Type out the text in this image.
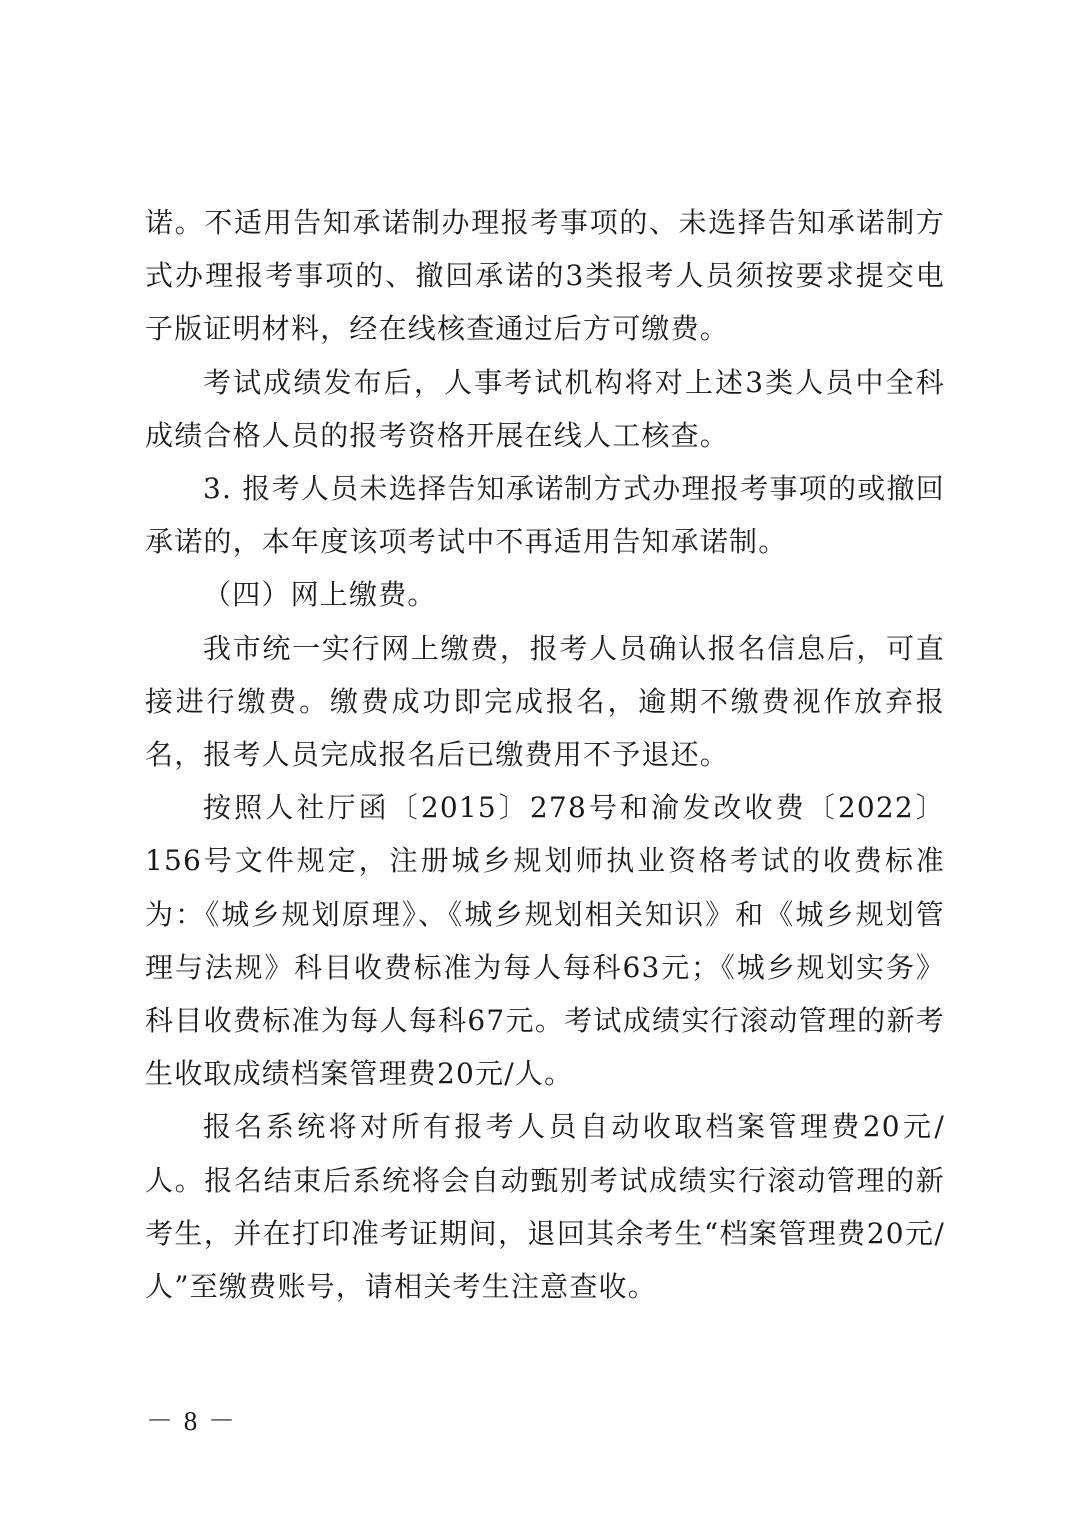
诺。不适用告知承诺制办理报考事项的、未选择告知承诺制方式办理报考事项的、撤回承诺的3类报考人员须按要求提交电子版证明材料，经在线核查通过后方可缴费。

考试成绩发布后，人事考试机构将对上述3类人员中全科成绩合格人员的报考资格开展在线人工核查。

3. 报考人员未选择告知承诺制方式办理报考事项的或撤回承诺的，本年度该项考试中不再适用告知承诺制。

（四）网上缴费。

我市统一实行网上缴费，报考人员确认报名信息后，可直接进行缴费。缴费成功即完成报名，逾期不缴费视作放弃报名，报考人员完成报名后已缴费用不予退还。

按照人社厅函〔2015〕278号和渝发改收费〔2022〕156号文件规定，注册城乡规划师执业资格考试的收费标准为：《城乡规划原理》、《城乡规划相关知识》和《城乡规划管理与法规》科目收费标准为每人每科63元；《城乡规划实务》科目收费标准为每人每科67元。考试成绩实行滚动管理的新考生收取成绩档案管理费20元/人。

报名系统将对所有报考人员自动收取档案管理费20元/人。报名结束后系统将会自动甄别考试成绩实行滚动管理的新考生，并在打印准考证期间，退回其余考生“档案管理费20元/人”至缴费账号，请相关考生注意查收。

－ 8 －
